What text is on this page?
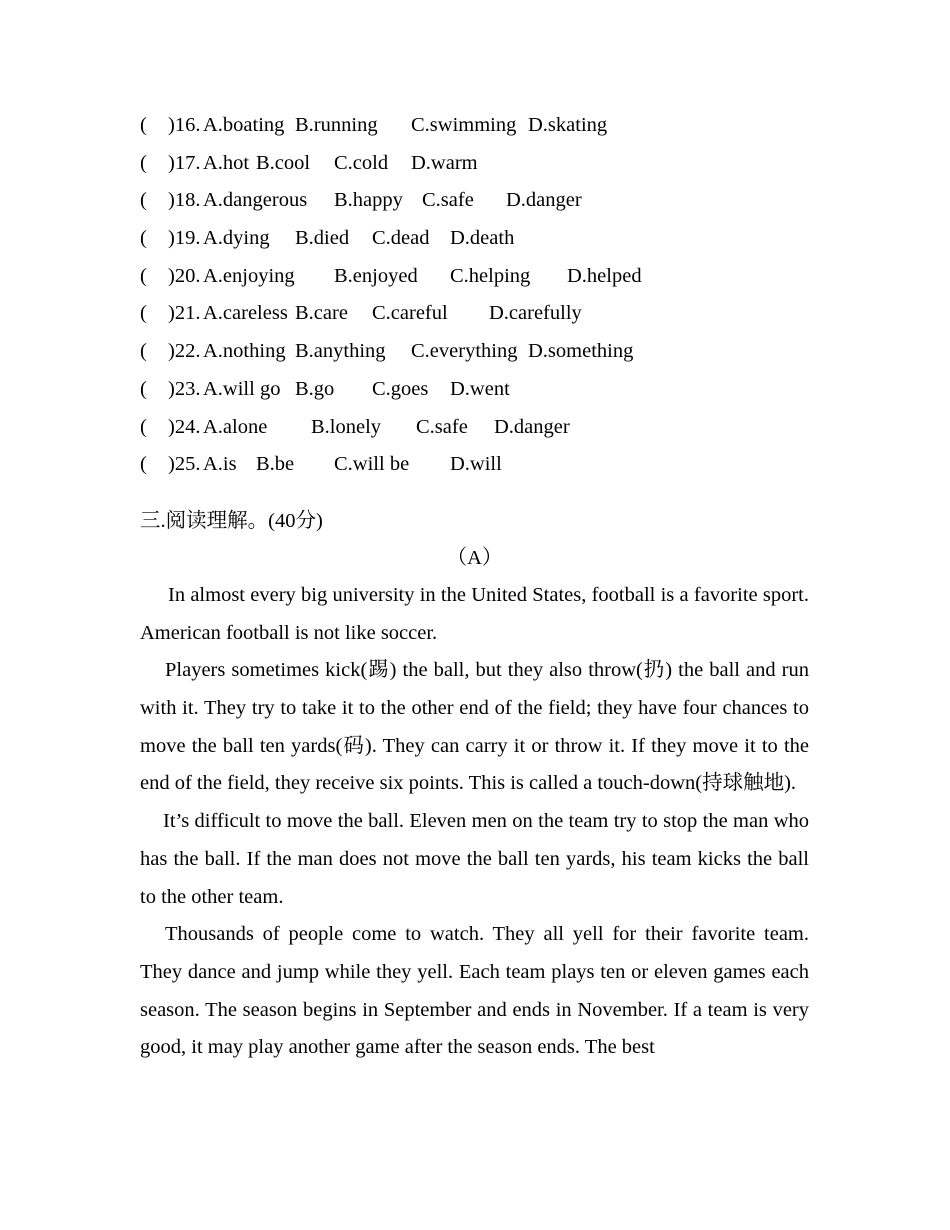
( )16. A.boating B.running C.swimming D.skating
( )17. A.hot B.cool C.cold D.warm
( )18. A.dangerous B.happy C.safe D.danger
( )19. A.dying B.died C.dead D.death
( )20. A.enjoying B.enjoyed C.helping D.helped
( )21. A.careless B.care C.careful D.carefully
( )22. A.nothing B.anything C.everything D.something
( )23. A.will go B.go C.goes D.went
( )24. A.alone B.lonely C.safe D.danger
( )25. A.is B.be C.will be D.will
三.阅读理解。(40分)
（A）

In almost every big university in the United States, football is a favorite sport. American football is not like soccer.

Players sometimes kick(踢) the ball, but they also throw(扔) the ball and run with it. They try to take it to the other end of the field; they have four chances to move the ball ten yards(码). They can carry it or throw it. If they move it to the end of the field, they receive six points. This is called a touch-down(持球触地).

It’s difficult to move the ball. Eleven men on the team try to stop the man who has the ball. If the man does not move the ball ten yards, his team kicks the ball to the other team.

Thousands of people come to watch. They all yell for their favorite team. They dance and jump while they yell. Each team plays ten or eleven games each season. The season begins in September and ends in November. If a team is very good, it may play another game after the season ends. The best
